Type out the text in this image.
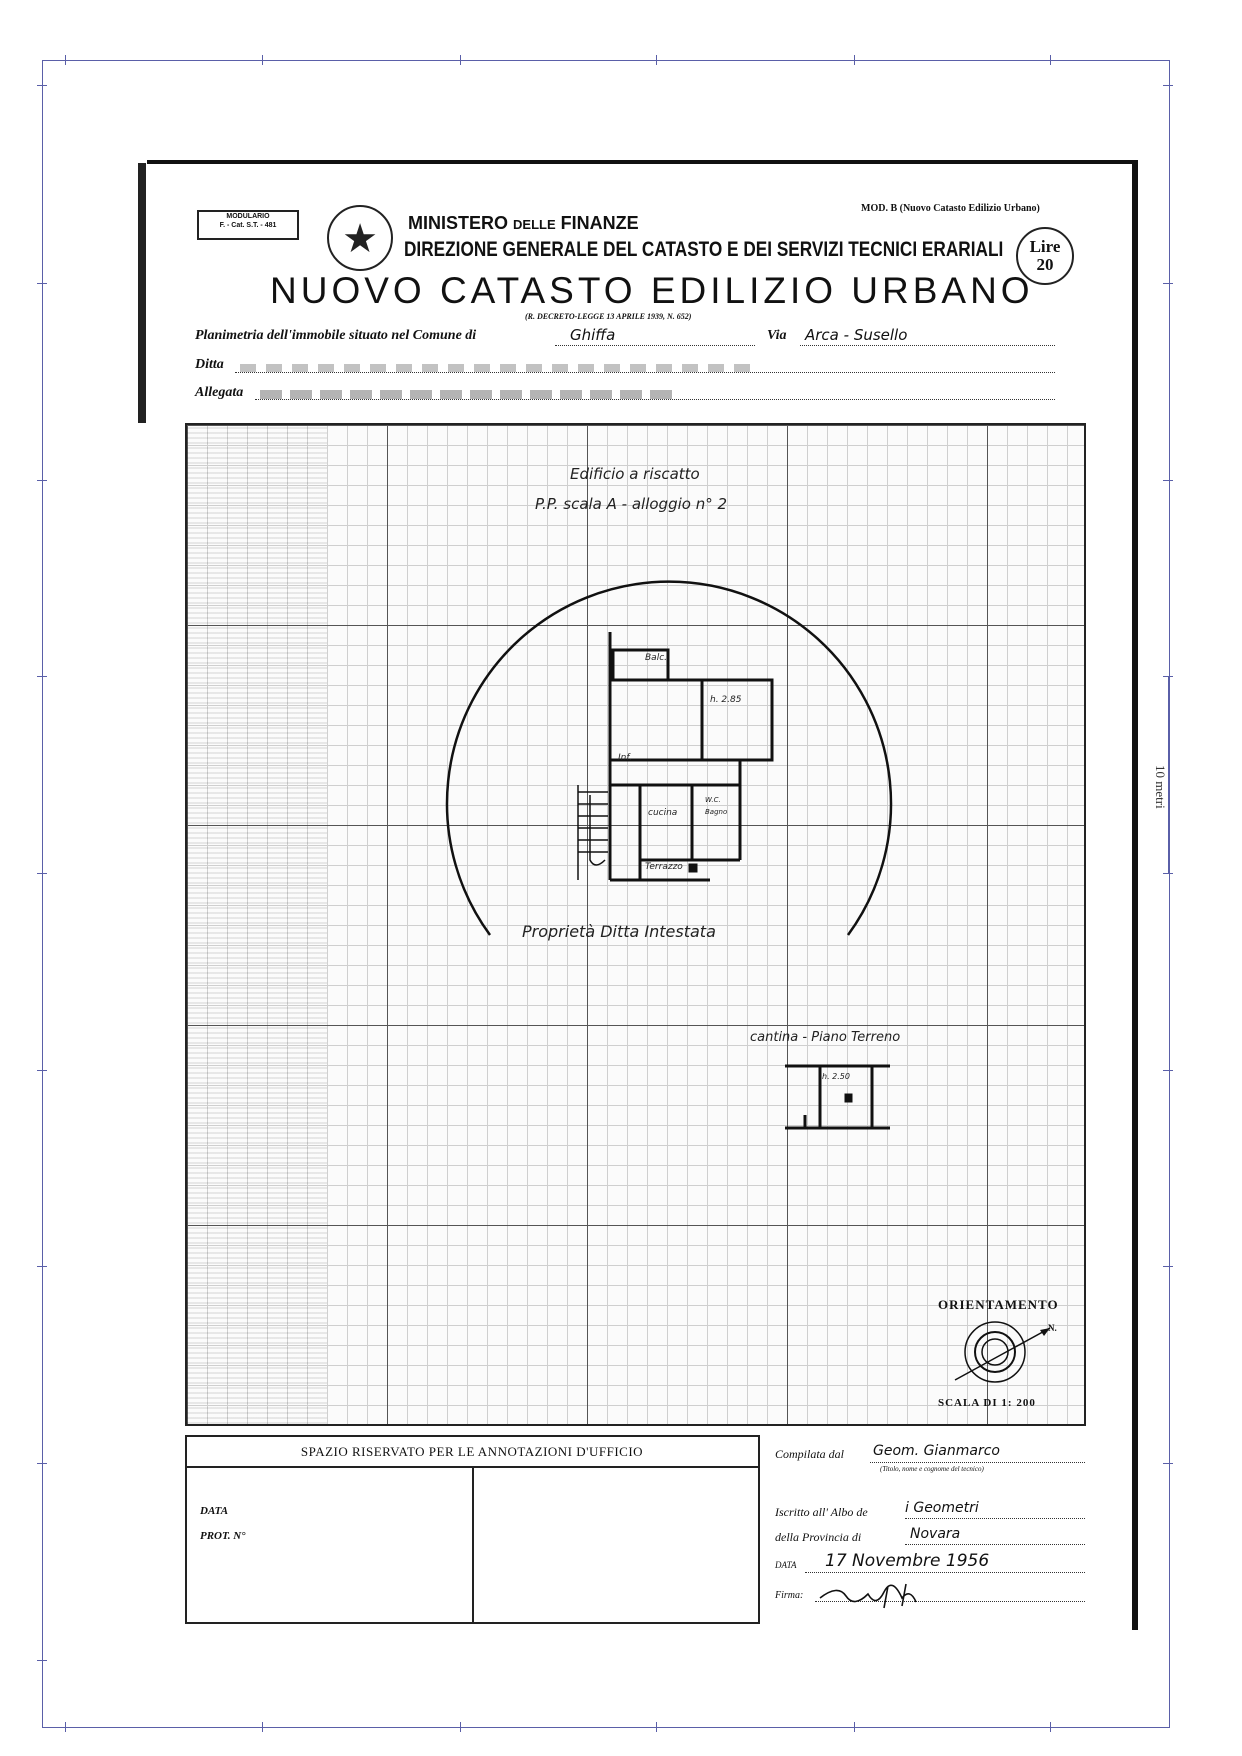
10 metri
MODULARIO
F. - Cat. S.T. - 481	★	MINISTERO DELLE FINANZE
DIREZIONE GENERALE DEL CATASTO E DEI SERVIZI TECNICI ERARIALI
MOD. B (Nuovo Catasto Edilizio Urbano)
Lire
20
NUOVO CATASTO EDILIZIO URBANO
(R. DECRETO-LEGGE 13 APRILE 1939, N. 652)
Planimetria dell'immobile situato nel Comune di	Ghiffa	Via Arca - Susello
Ditta
Allegata
Edificio a riscatto
P.P. scala A - alloggio n° 2
Balc.
h. 2.85
Inf.
cucina
W.C.
Bagno
Terrazzo
Proprietà Ditta Intestata
cantina - Piano Terreno
h. 2.50
ORIENTAMENTO
N.
SCALA DI 1: 200
SPAZIO RISERVATO PER LE ANNOTAZIONI D'UFFICIO
DATA
PROT. N°
Compilata dal Geom. Gianmarco
(Titolo, nome e cognome del tecnico)
Iscritto all' Albo de	i Geometri
della Provincia di	Novara
DATA 17 Novembre 1956
Firma:
